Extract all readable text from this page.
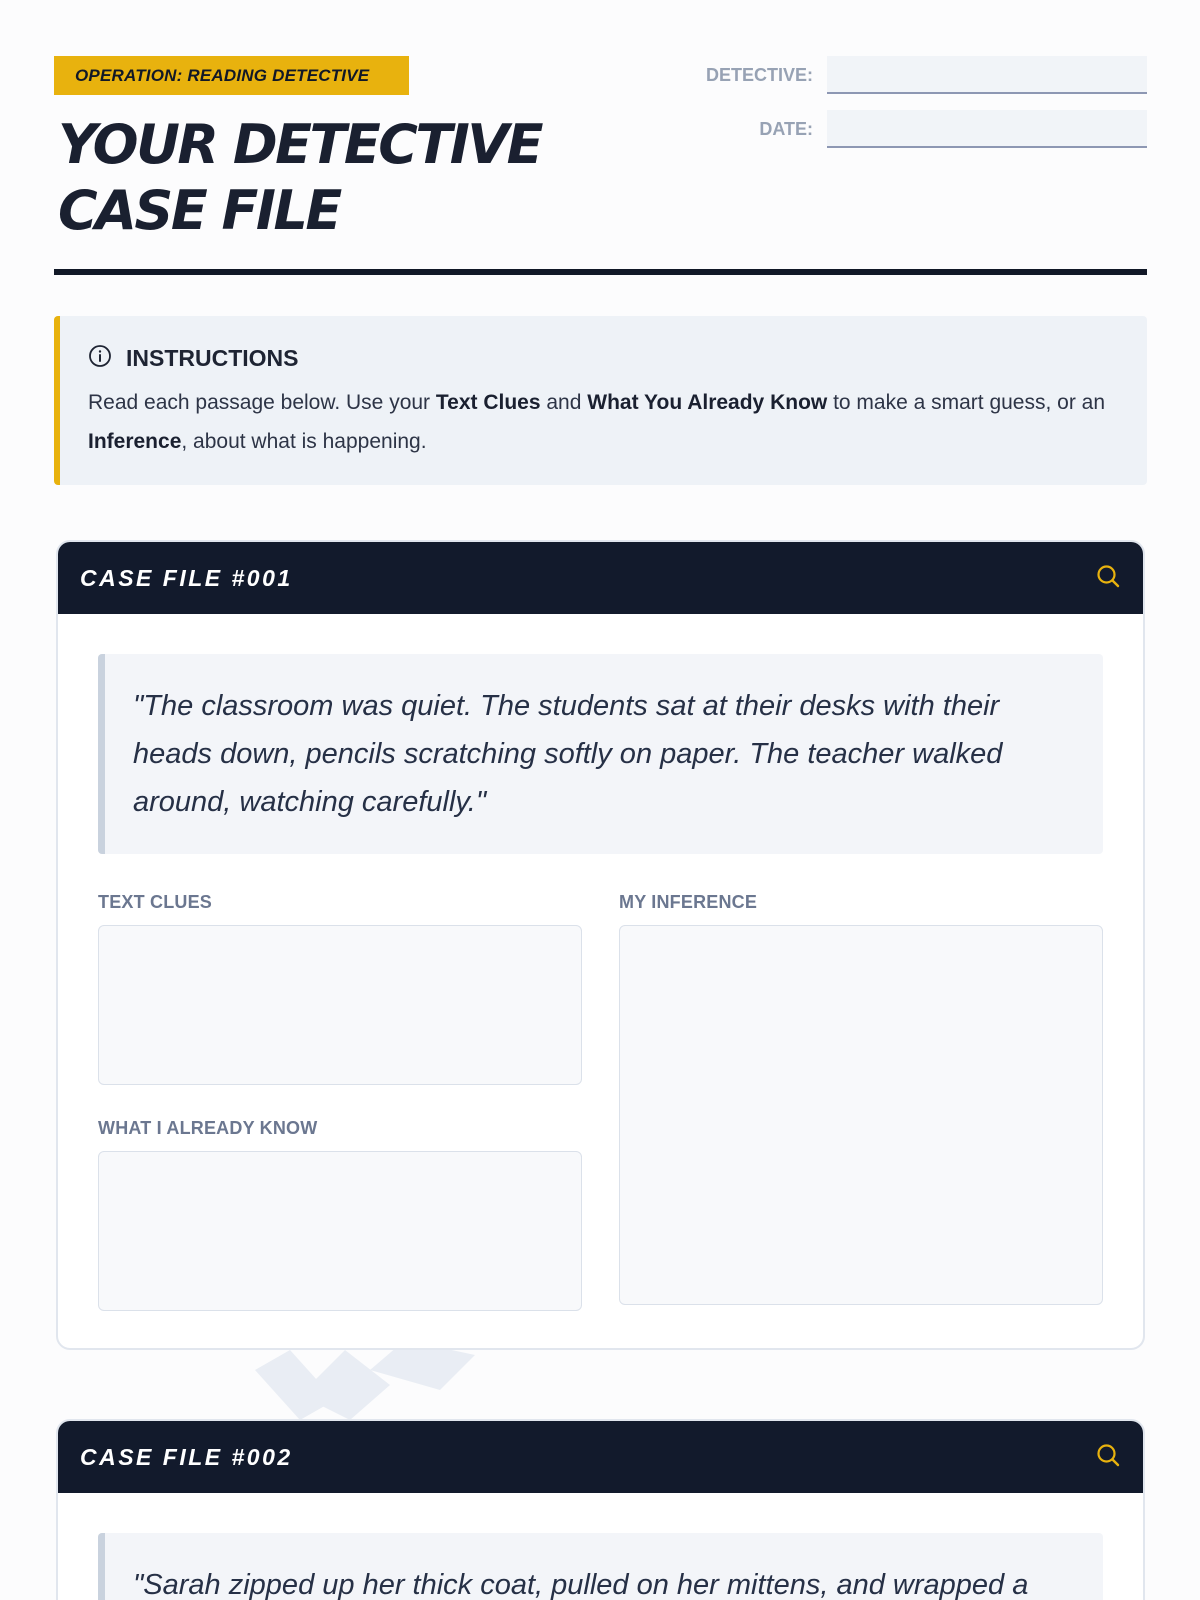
OPERATION: READING DETECTIVE
YOUR DETECTIVE
CASE FILE
DETECTIVE:
DATE:
INSTRUCTIONS
Read each passage below. Use your Text Clues and What You Already Know to make a smart guess, or an Inference, about what is happening.
CASE FILE #001
"The classroom was quiet. The students sat at their desks with their heads down, pencils scratching softly on paper. The teacher walked around, watching carefully."
TEXT CLUES
WHAT I ALREADY KNOW
MY INFERENCE
CASE FILE #002
"Sarah zipped up her thick coat, pulled on her mittens, and wrapped a
